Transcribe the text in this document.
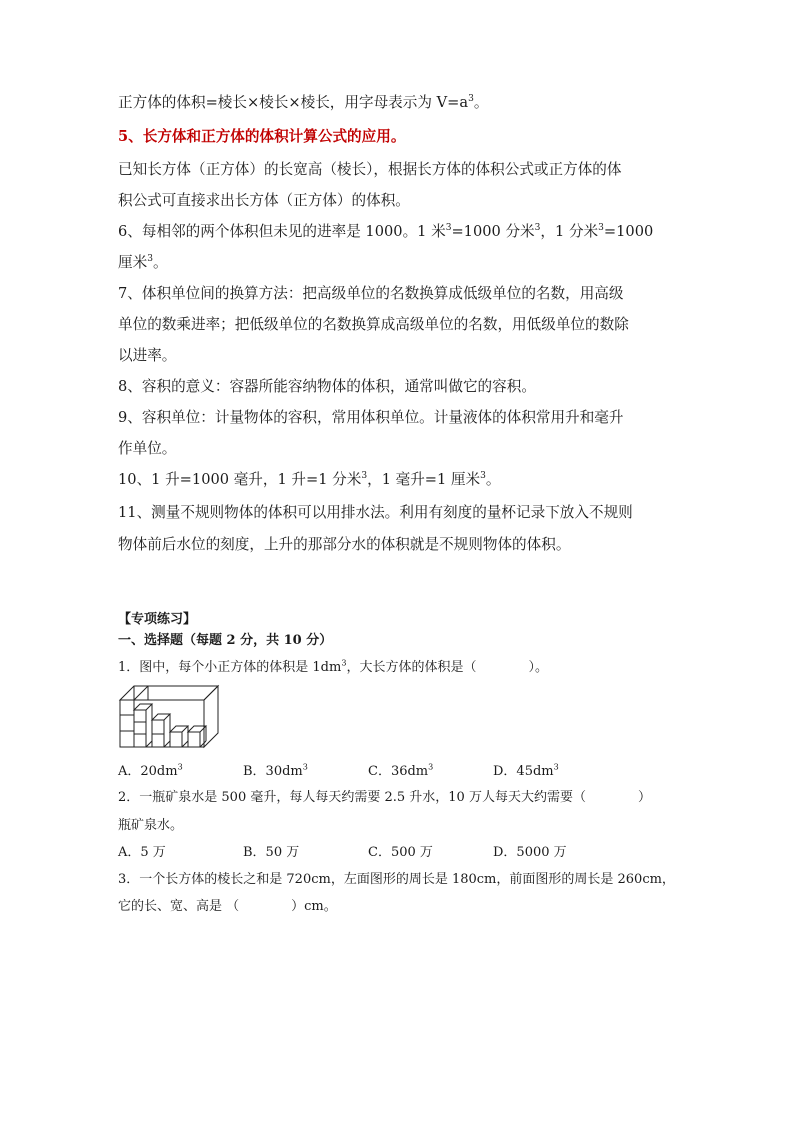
正方体的体积=棱长×棱长×棱长，用字母表示为 $V=a^3$。

5、长方体和正方体的体积计算公式的应用。

已知长方体（正方体）的长宽高（棱长），根据长方体的体积公式或正方体的体

积公式可直接求出长方体（正方体）的体积。

6、每相邻的两个体积但未见的进率是 1000。1 米$^3$=1000 分米$^3$，1 分米$^3$=1000

厘米$^3$。

7、体积单位间的换算方法：把高级单位的名数换算成低级单位的名数，用高级

单位的数乘进率；把低级单位的名数换算成高级单位的名数，用低级单位的数除

以进率。

8、容积的意义：容器所能容纳物体的体积，通常叫做它的容积。

9、容积单位：计量物体的容积，常用体积单位。计量液体的体积常用升和毫升

作单位。

10、1 升=1000 毫升，1 升=1 分米$^3$，1 毫升=1 厘米$^3$。

11、测量不规则物体的体积可以用排水法。利用有刻度的量杯记录下放入不规则

物体前后水位的刻度，上升的那部分水的体积就是不规则物体的体积。

【专项练习】

一、选择题（每题 2 分，共 10 分）

1．图中，每个小正方体的体积是 $1dm^3$，大长方体的体积是（　　　　）。

A．$20dm^3$	B．$30dm^3$	C．$36dm^3$	D．$45dm^3$

2．一瓶矿泉水是 500 毫升，每人每天约需要 2.5 升水，10 万人每天大约需要（　　　　）

瓶矿泉水。

A．5 万	B．50 万	C．500 万	D．5000 万

3．一个长方体的棱长之和是 720cm，左面图形的周长是 180cm，前面图形的周长是 260cm，

它的长、宽、高是 （　　　　）cm。
